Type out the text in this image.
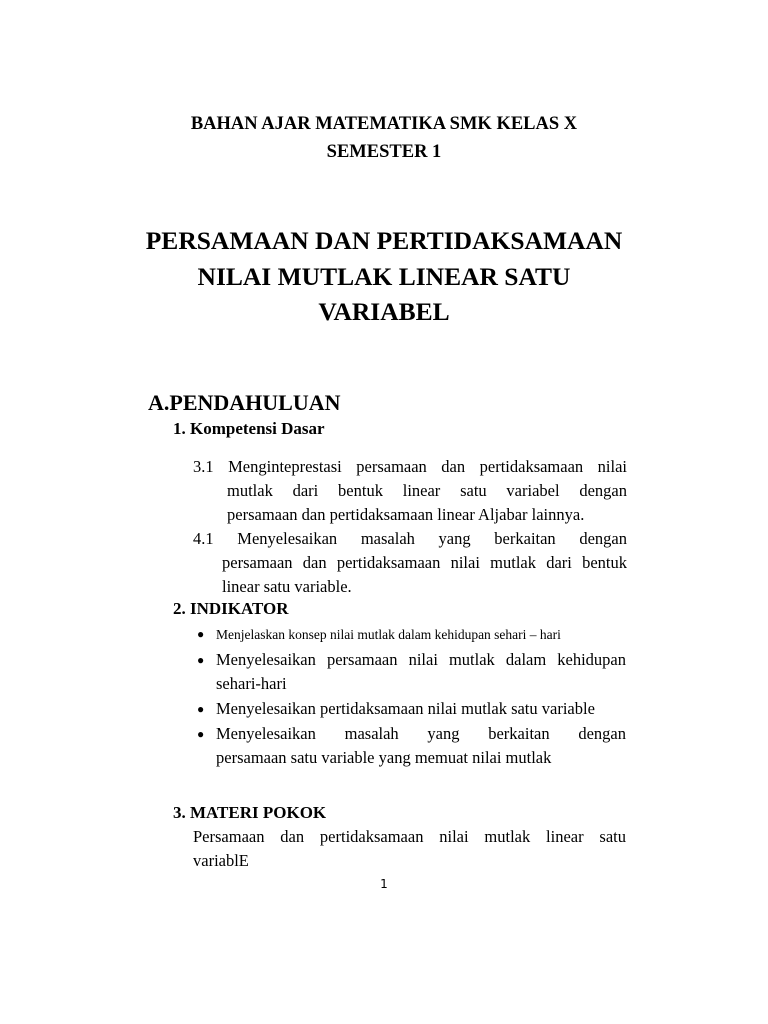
BAHAN AJAR MATEMATIKA SMK KELAS X

SEMESTER 1

PERSAMAAN DAN PERTIDAKSAMAAN

NILAI MUTLAK LINEAR SATU

VARIABEL

A.PENDAHULUAN

1. Kompetensi Dasar

3.1 Menginteprestasi persamaan dan pertidaksamaan nilai

mutlak dari bentuk linear satu variabel dengan

persamaan dan pertidaksamaan linear Aljabar lainnya.

4.1 Menyelesaikan masalah yang berkaitan dengan

persamaan dan pertidaksamaan nilai mutlak dari bentuk

linear satu variable.

2. INDIKATOR

● Menjelaskan konsep nilai mutlak dalam kehidupan sehari – hari

● Menyelesaikan persamaan nilai mutlak dalam kehidupan

sehari-hari

● Menyelesaikan pertidaksamaan nilai mutlak satu variable

● Menyelesaikan masalah yang berkaitan dengan

persamaan satu variable yang memuat nilai mutlak

3. MATERI POKOK

Persamaan dan pertidaksamaan nilai mutlak linear satu

variablE

1
